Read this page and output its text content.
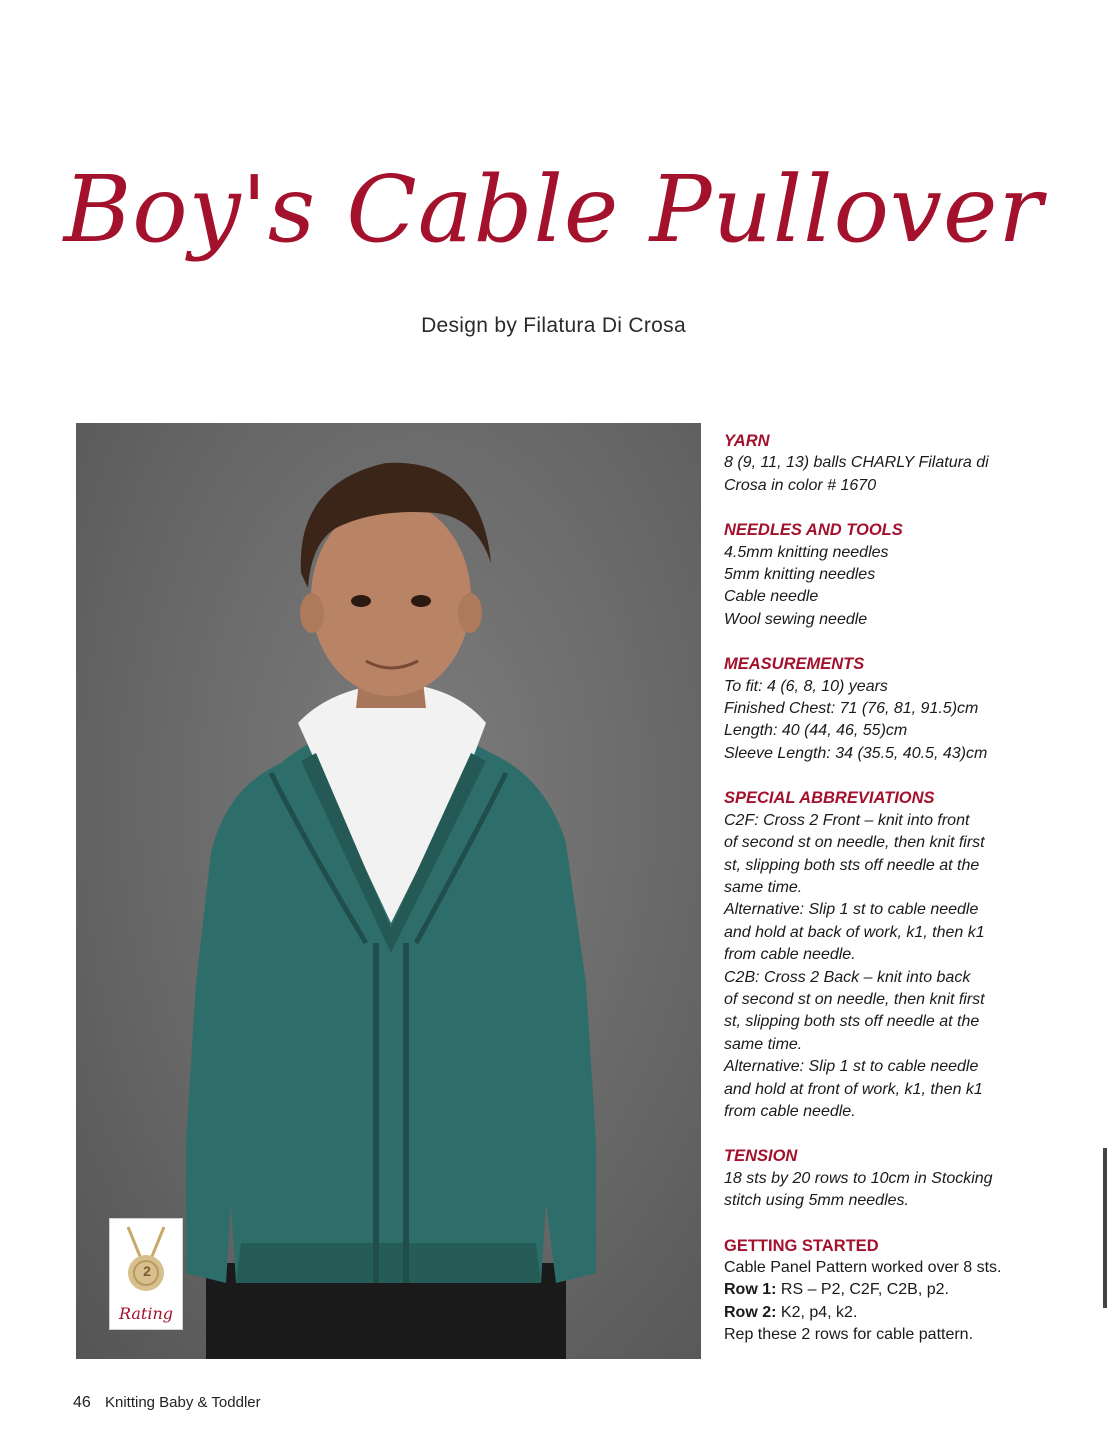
Boy's Cable Pullover
Design by Filatura Di Crosa
2
Rating
YARN
8 (9, 11, 13) balls CHARLY Filatura di
Crosa in color # 1670
NEEDLES AND TOOLS
4.5mm knitting needles
5mm knitting needles
Cable needle
Wool sewing needle
MEASUREMENTS
To fit: 4 (6, 8, 10) years
Finished Chest: 71 (76, 81, 91.5)cm
Length: 40 (44, 46, 55)cm
Sleeve Length: 34 (35.5, 40.5, 43)cm
SPECIAL ABBREVIATIONS
C2F: Cross 2 Front – knit into front
of second st on needle, then knit first
st, slipping both sts off needle at the
same time.
Alternative: Slip 1 st to cable needle
and hold at back of work, k1, then k1
from cable needle.
C2B: Cross 2 Back – knit into back
of second st on needle, then knit first
st, slipping both sts off needle at the
same time.
Alternative: Slip 1 st to cable needle
and hold at front of work, k1, then k1
from cable needle.
TENSION
18 sts by 20 rows to 10cm in Stocking
stitch using 5mm needles.
GETTING STARTED
Cable Panel Pattern worked over 8 sts.
Row 1: RS – P2, C2F, C2B, p2.
Row 2: K2, p4, k2.
Rep these 2 rows for cable pattern.
46 Knitting Baby & Toddler
